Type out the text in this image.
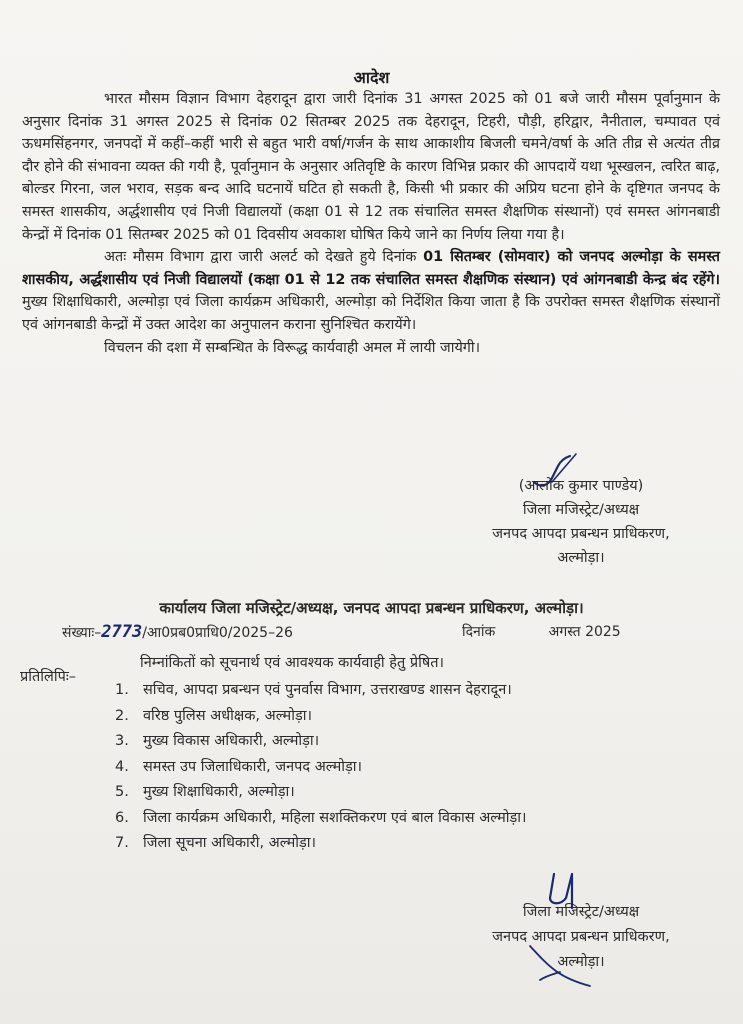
आदेश

भारत मौसम विज्ञान विभाग देहरादून द्वारा जारी दिनांक 31 अगस्त 2025 को 01 बजे जारी मौसम पूर्वानुमान के अनुसार दिनांक 31 अगस्त 2025 से दिनांक 02 सितम्बर 2025 तक देहरादून, टिहरी, पौड़ी, हरिद्वार, नैनीताल, चम्पावत एवं ऊधमसिंहनगर, जनपदों में कहीं–कहीं भारी से बहुत भारी वर्षा/गर्जन के साथ आकाशीय बिजली चमने/वर्षा के अति तीव्र से अत्यंत तीव्र दौर होने की संभावना व्यक्त की गयी है, पूर्वानुमान के अनुसार अतिवृष्टि के कारण विभिन्न प्रकार की आपदायें यथा भूस्खलन, त्वरित बाढ़, बोल्डर गिरना, जल भराव, सड़क बन्द आदि घटनायें घटित हो सकती है, किसी भी प्रकार की अप्रिय घटना होने के दृष्टिगत जनपद के समस्त शासकीय, अर्द्धशासीय एवं निजी विद्यालयों (कक्षा 01 से 12 तक संचालित समस्त शैक्षणिक संस्थानों) एवं समस्त आंगनबाडी केन्द्रों में दिनांक 01 सितम्बर 2025 को 01 दिवसीय अवकाश घोषित किये जाने का निर्णय लिया गया है।

अतः मौसम विभाग द्वारा जारी अलर्ट को देखते हुये दिनांक 01 सितम्बर (सोमवार) को जनपद अल्मोड़ा के समस्त शासकीय, अर्द्धशासीय एवं निजी विद्यालयों (कक्षा 01 से 12 तक संचालित समस्त शैक्षणिक संस्थान) एवं आंगनबाडी केन्द्र बंद रहेंगे। मुख्य शिक्षाधिकारी, अल्मोड़ा एवं जिला कार्यक्रम अधिकारी, अल्मोड़ा को निर्देशित किया जाता है कि उपरोक्त समस्त शैक्षणिक संस्थानों एवं आंगनबाडी केन्द्रों में उक्त आदेश का अनुपालन कराना सुनिश्चित करायेंगे।

विचलन की दशा में सम्बन्धित के विरूद्ध कार्यवाही अमल में लायी जायेगी।

(आलोक कुमार पाण्डेय)
जिला मजिस्ट्रेट/अध्यक्ष
जनपद आपदा प्रबन्धन प्राधिकरण,
अल्मोड़ा।
कार्यालय जिला मजिस्ट्रेट/अध्यक्ष, जनपद आपदा प्रबन्धन प्राधिकरण, अल्मोड़ा।
संख्याः–2773/आ0प्रब0प्राधि0/2025–26	दिनांक	अगस्त 2025
निम्नांकितों को सूचनार्थ एवं आवश्यक कार्यवाही हेतु प्रेषित।
प्रतिलिपिः–
1. सचिव, आपदा प्रबन्धन एवं पुनर्वास विभाग, उत्तराखण्ड शासन देहरादून।
2. वरिष्ठ पुलिस अधीक्षक, अल्मोड़ा।
3. मुख्य विकास अधिकारी, अल्मोड़ा।
4. समस्त उप जिलाधिकारी, जनपद अल्मोड़ा।
5. मुख्य शिक्षाधिकारी, अल्मोड़ा।
6. जिला कार्यक्रम अधिकारी, महिला सशक्तिकरण एवं बाल विकास अल्मोड़ा।
7. जिला सूचना अधिकारी, अल्मोड़ा।
जिला मजिस्ट्रेट/अध्यक्ष
जनपद आपदा प्रबन्धन प्राधिकरण,
अल्मोड़ा।
